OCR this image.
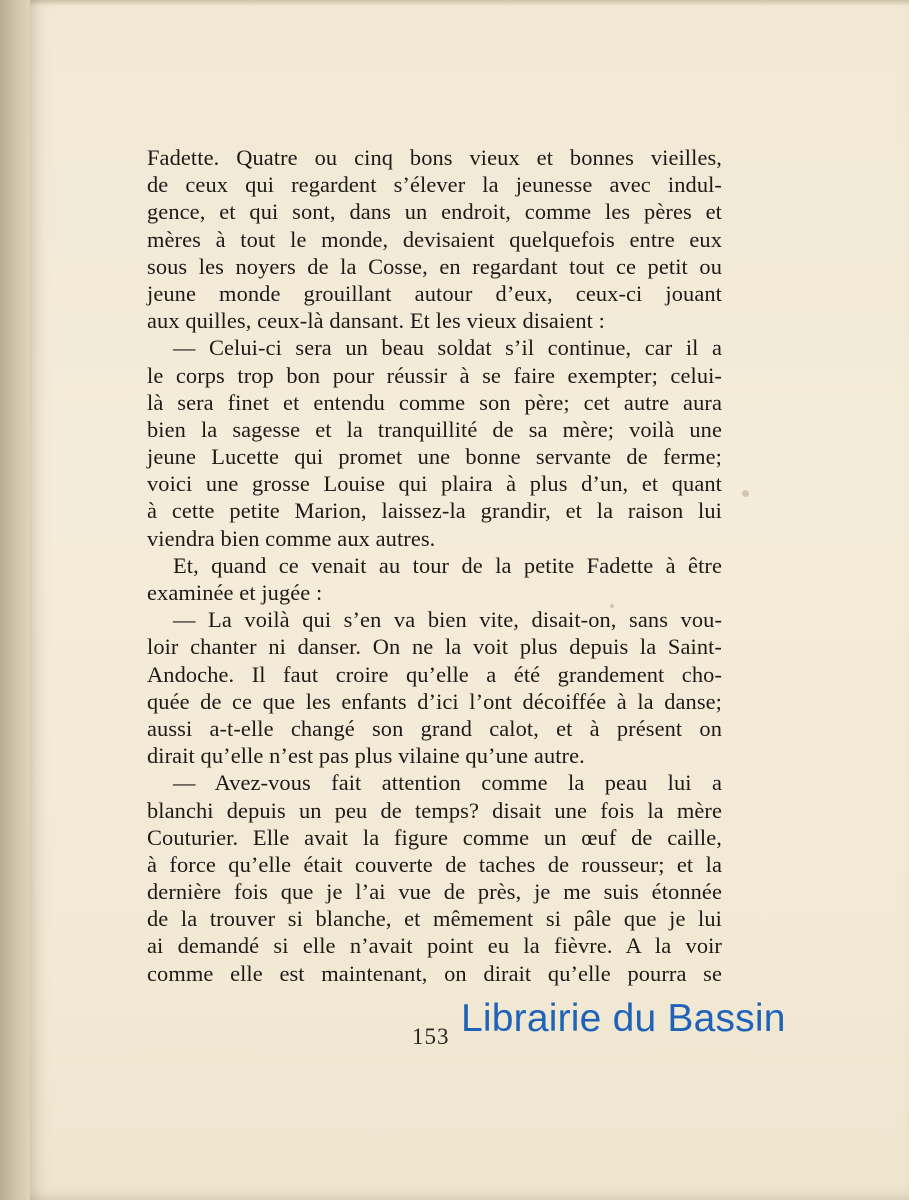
Fadette. Quatre ou cinq bons vieux et bonnes vieilles,
de ceux qui regardent s’élever la jeunesse avec indul-
gence, et qui sont, dans un endroit, comme les pères et
mères à tout le monde, devisaient quelquefois entre eux
sous les noyers de la Cosse, en regardant tout ce petit ou
jeune monde grouillant autour d’eux, ceux-ci jouant
aux quilles, ceux-là dansant. Et les vieux disaient :
— Celui-ci sera un beau soldat s’il continue, car il a
le corps trop bon pour réussir à se faire exempter; celui-
là sera finet et entendu comme son père; cet autre aura
bien la sagesse et la tranquillité de sa mère; voilà une
jeune Lucette qui promet une bonne servante de ferme;
voici une grosse Louise qui plaira à plus d’un, et quant
à cette petite Marion, laissez-la grandir, et la raison lui
viendra bien comme aux autres.
Et, quand ce venait au tour de la petite Fadette à être
examinée et jugée :
— La voilà qui s’en va bien vite, disait-on, sans vou-
loir chanter ni danser. On ne la voit plus depuis la Saint-
Andoche. Il faut croire qu’elle a été grandement cho-
quée de ce que les enfants d’ici l’ont décoiffée à la danse;
aussi a-t-elle changé son grand calot, et à présent on
dirait qu’elle n’est pas plus vilaine qu’une autre.
— Avez-vous fait attention comme la peau lui a
blanchi depuis un peu de temps? disait une fois la mère
Couturier. Elle avait la figure comme un œuf de caille,
à force qu’elle était couverte de taches de rousseur; et la
dernière fois que je l’ai vue de près, je me suis étonnée
de la trouver si blanche, et mêmement si pâle que je lui
ai demandé si elle n’avait point eu la fièvre. A la voir
comme elle est maintenant, on dirait qu’elle pourra se
153 Librairie du Bassin
